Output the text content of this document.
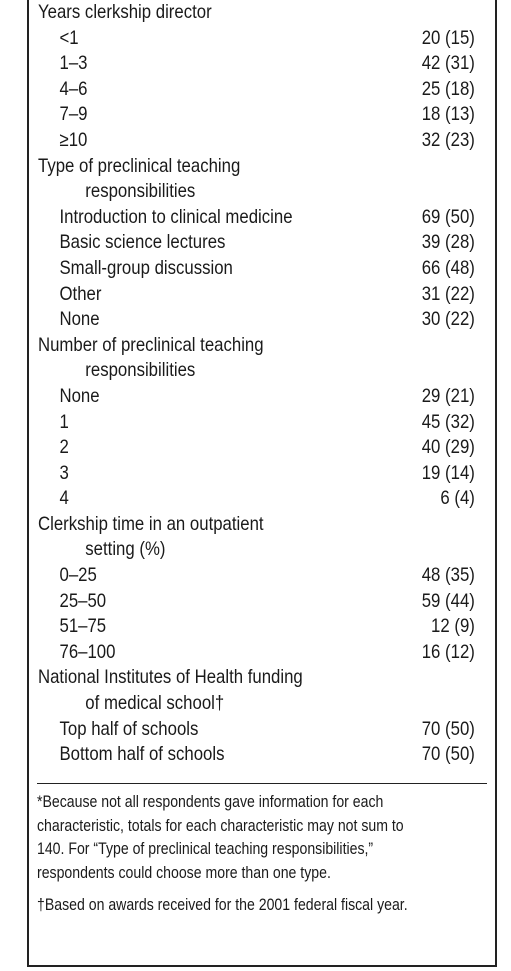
Years clerkship director
<1	20 (15)
1–3	42 (31)
4–6	25 (18)
7–9	18 (13)
≥10	32 (23)
Type of preclinical teaching
responsibilities
Introduction to clinical medicine	69 (50)
Basic science lectures	39 (28)
Small-group discussion	66 (48)
Other	31 (22)
None	30 (22)
Number of preclinical teaching
responsibilities
None	29 (21)
1	45 (32)
2	40 (29)
3	19 (14)
4	6 (4)
Clerkship time in an outpatient
setting (%)
0–25	48 (35)
25–50	59 (44)
51–75	12 (9)
76–100	16 (12)
National Institutes of Health funding
of medical school†
Top half of schools	70 (50)
Bottom half of schools	70 (50)
*Because not all respondents gave information for each
characteristic, totals for each characteristic may not sum to
140. For “Type of preclinical teaching responsibilities,”
respondents could choose more than one type.
†Based on awards received for the 2001 federal fiscal year.
